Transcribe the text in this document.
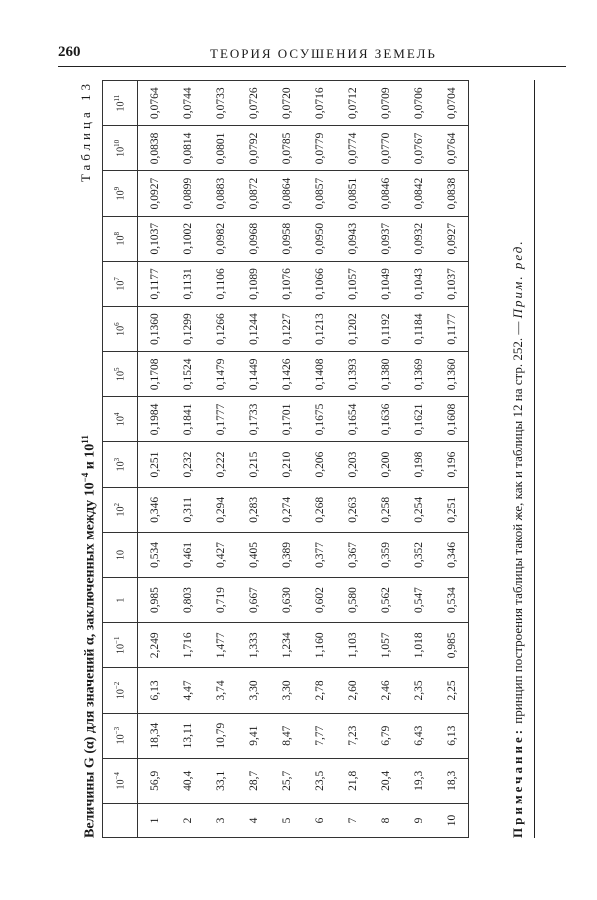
260	ТЕОРИЯ ОСУШЕНИЯ ЗЕМЕЛЬ
Таблица 13
Величины G (α) для значений α, заключенных между $10^{-4}$ и $10^{11}$
	$10^{-4}$	$10^{-3}$	$10^{-2}$	$10^{-1}$	1	10	$10^2$	$10^3$	$10^4$	$10^5$	$10^6$	$10^7$	$10^8$	$10^9$	$10^{10}$	$10^{11}$
1	56,9	18,34	6,13	2,249	0,985	0,534	0,346	0,251	0,1984	0,1708	0,1360	0,1177	0,1037	0,0927	0,0838	0,0764
2	40,4	13,11	4,47	1,716	0,803	0,461	0,311	0,232	0,1841	0,1524	0,1299	0,1131	0,1002	0,0899	0,0814	0,0744
3	33,1	10,79	3,74	1,477	0,719	0,427	0,294	0,222	0,1777	0,1479	0,1266	0,1106	0,0982	0,0883	0,0801	0,0733
4	28,7	9,41	3,30	1,333	0,667	0,405	0,283	0,215	0,1733	0,1449	0,1244	0,1089	0,0968	0,0872	0,0792	0,0726
5	25,7	8,47	3,30	1,234	0,630	0,389	0,274	0,210	0,1701	0,1426	0,1227	0,1076	0,0958	0,0864	0,0785	0,0720
6	23,5	7,77	2,78	1,160	0,602	0,377	0,268	0,206	0,1675	0,1408	0,1213	0,1066	0,0950	0,0857	0,0779	0,0716
7	21,8	7,23	2,60	1,103	0,580	0,367	0,263	0,203	0,1654	0,1393	0,1202	0,1057	0,0943	0,0851	0,0774	0,0712
8	20,4	6,79	2,46	1,057	0,562	0,359	0,258	0,200	0,1636	0,1380	0,1192	0,1049	0,0937	0,0846	0,0770	0,0709
9	19,3	6,43	2,35	1,018	0,547	0,352	0,254	0,198	0,1621	0,1369	0,1184	0,1043	0,0932	0,0842	0,0767	0,0706
10	18,3	6,13	2,25	0,985	0,534	0,346	0,251	0,196	0,1608	0,1360	0,1177	0,1037	0,0927	0,0838	0,0764	0,0704
Примечание: принцип построения таблицы такой же, как и таблицы 12 на стр. 252. — Прим. ред.
